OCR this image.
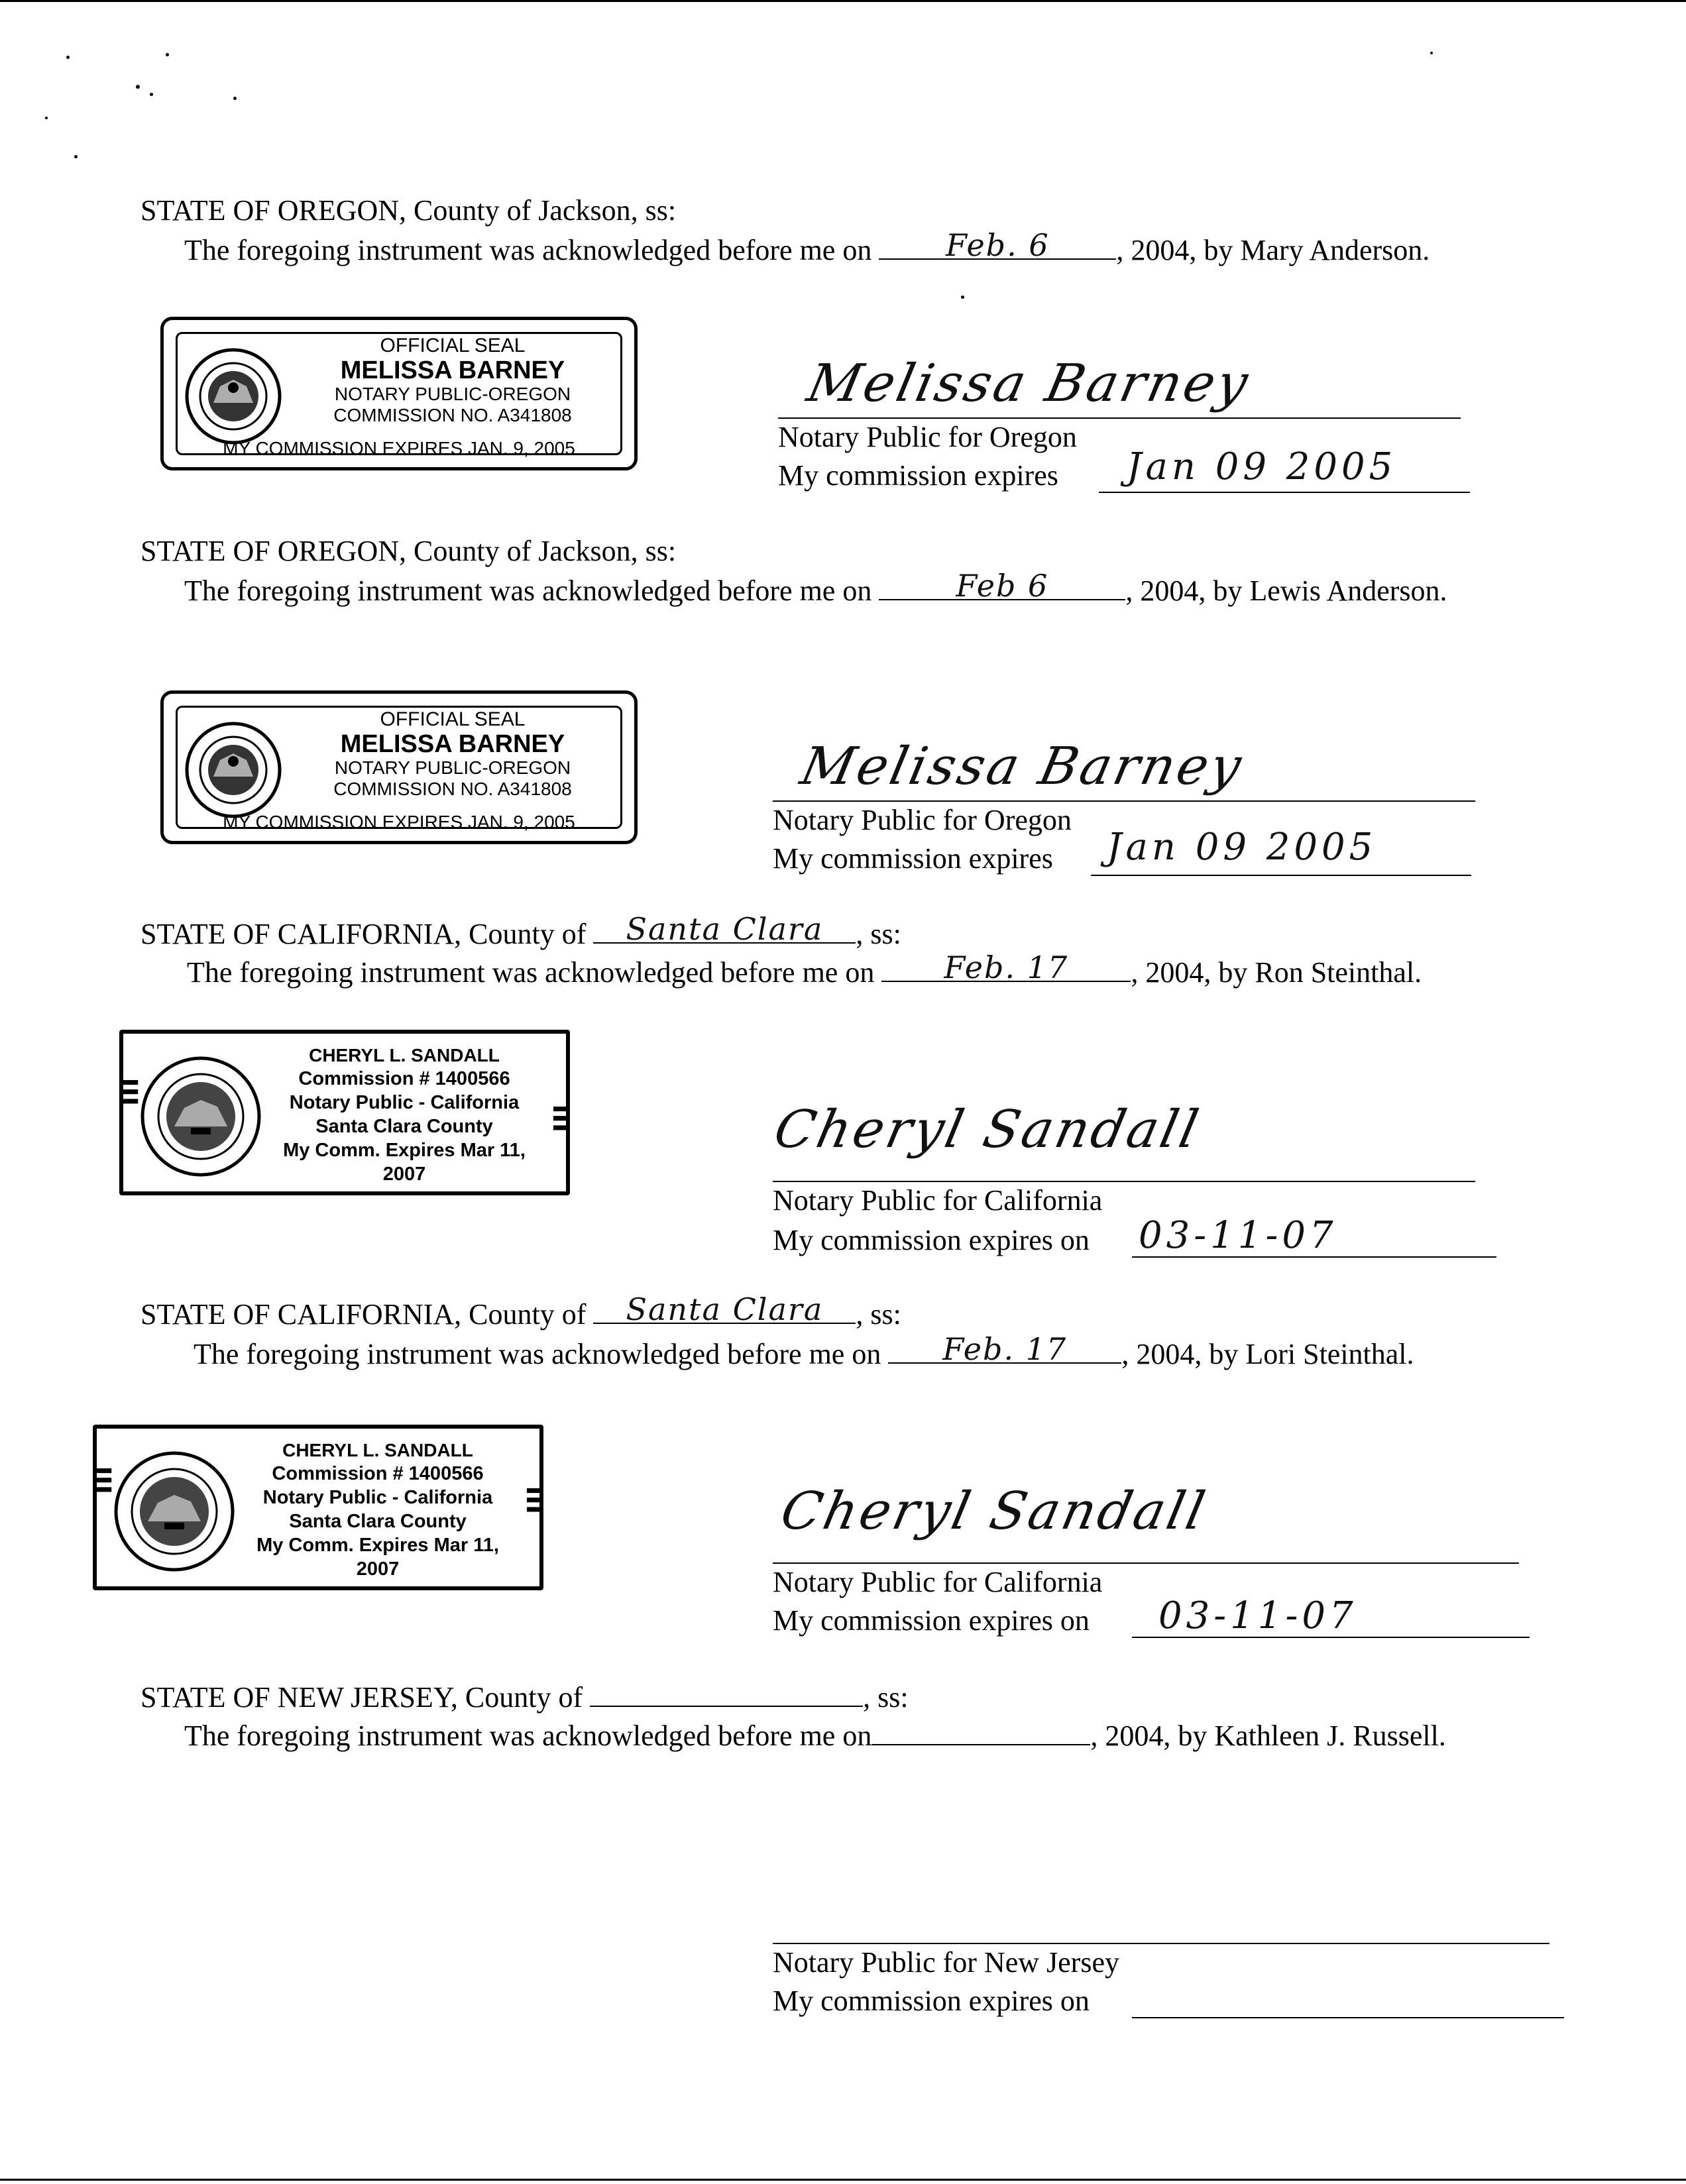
STATE OF OREGON, County of Jackson, ss:
The foregoing instrument was acknowledged before me on Feb. 6 , 2004, by Mary Anderson.
OFFICIAL SEAL
MELISSA BARNEY
NOTARY PUBLIC-OREGON
COMMISSION NO. A341808
MY COMMISSION EXPIRES JAN. 9, 2005
Melissa Barney
Notary Public for Oregon
My commission expires Jan 09 2005
STATE OF OREGON, County of Jackson, ss:
The foregoing instrument was acknowledged before me on	Feb 6	, 2004, by Lewis Anderson.
OFFICIAL SEAL
MELISSA BARNEY
NOTARY PUBLIC-OREGON
COMMISSION NO. A341808
MY COMMISSION EXPIRES JAN. 9, 2005
Melissa Barney
Notary Public for Oregon
My commission expires Jan 09 2005
STATE OF CALIFORNIA, County of Santa Clara , ss:
The foregoing instrument was acknowledged before me on Feb. 17 , 2004, by Ron Steinthal.
▌▌▌
▌▌▌
CHERYL L. SANDALL
Commission # 1400566
Notary Public - California
Santa Clara County
My Comm. Expires Mar 11, 2007
Cheryl Sandall
Notary Public for California
My commission expires on 03-11-07
STATE OF CALIFORNIA, County of Santa Clara , ss:
The foregoing instrument was acknowledged before me on Feb. 17 , 2004, by Lori Steinthal.
▌▌▌
▌▌▌
CHERYL L. SANDALL
Commission # 1400566
Notary Public - California
Santa Clara County
My Comm. Expires Mar 11, 2007
Cheryl Sandall
Notary Public for California
My commission expires on 03-11-07
STATE OF NEW JERSEY, County of	, ss:
The foregoing instrument was acknowledged before me on	, 2004, by Kathleen J. Russell.
Notary Public for New Jersey
My commission expires on
